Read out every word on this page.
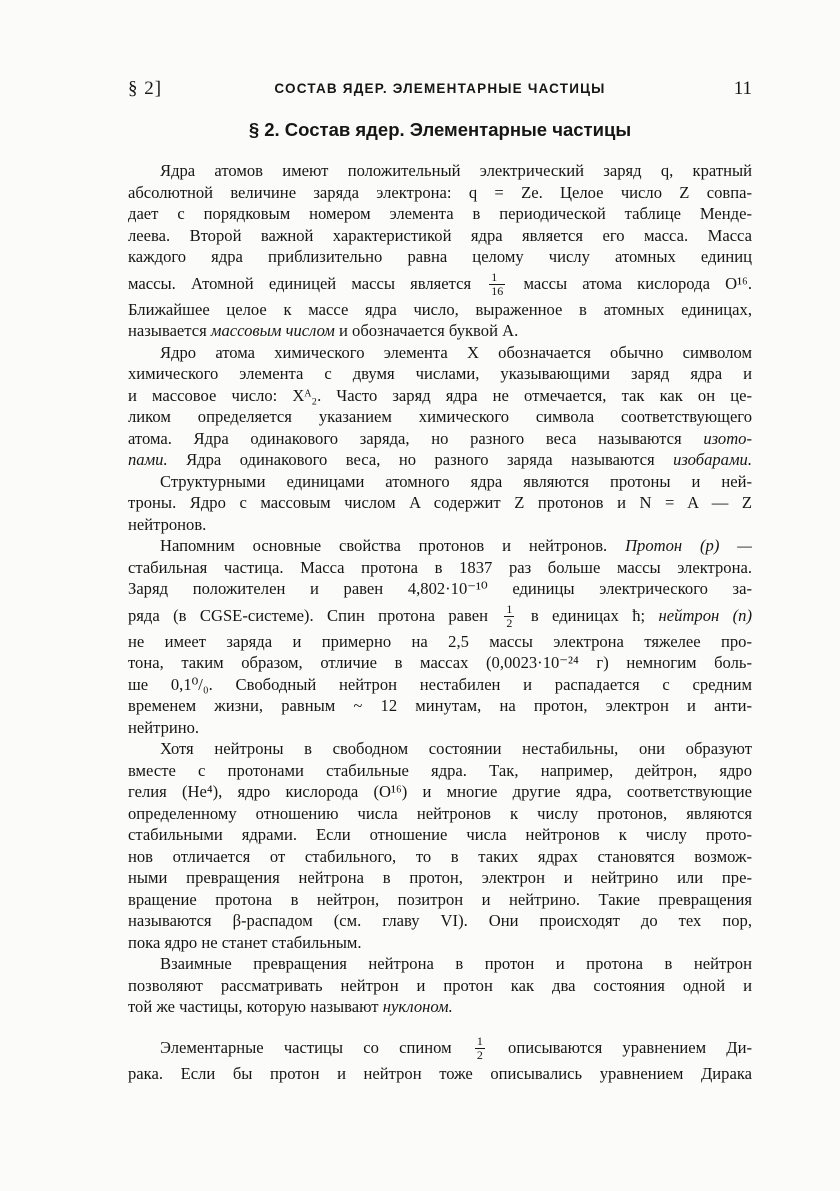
§ 2]	СОСТАВ ЯДЕР. ЭЛЕМЕНТАРНЫЕ ЧАСТИЦЫ	11
§ 2. Состав ядер. Элементарные частицы
Ядра атомов имеют положительный электрический заряд q, кратный
абсолютной величине заряда электрона: q = Ze. Целое число Z совпа-
дает с порядковым номером элемента в периодической таблице Менде-
леева. Второй важной характеристикой ядра является его масса. Масса
каждого ядра приблизительно равна целому числу атомных единиц
массы. Атомной единицей массы является $\frac{1}{16}$ массы атома кислорода O¹⁶.
Ближайшее целое к массе ядра число, выраженное в атомных единицах,
называется массовым числом и обозначается буквой A.
Ядро атома химического элемента X обозначается обычно символом
химического элемента с двумя числами, указывающими заряд ядра и
и массовое число: Xᴬ₂. Часто заряд ядра не отмечается, так как он це-
ликом определяется указанием химического символа соответствующего
атома. Ядра одинакового заряда, но разного веса называются изото-
пами. Ядра одинакового веса, но разного заряда называются изобарами.
Структурными единицами атомного ядра являются протоны и ней-
троны. Ядро с массовым числом A содержит Z протонов и N = A — Z
нейтронов.
Напомним основные свойства протонов и нейтронов. Протон (p) —
стабильная частица. Масса протона в 1837 раз больше массы электрона.
Заряд положителен и равен 4,802·10⁻¹⁰ единицы электрического за-
ряда (в CGSE-системе). Спин протона равен $\frac{1}{2}$ в единицах ħ; нейтрон (n)
не имеет заряда и примерно на 2,5 массы электрона тяжелее про-
тона, таким образом, отличие в массах (0,0023·10⁻²⁴ г) немногим боль-
ше 0,1⁰/₀. Свободный нейтрон нестабилен и распадается с средним
временем жизни, равным ~ 12 минутам, на протон, электрон и анти-
нейтрино.
Хотя нейтроны в свободном состоянии нестабильны, они образуют
вместе с протонами стабильные ядра. Так, например, дейтрон, ядро
гелия (He⁴), ядро кислорода (O¹⁶) и многие другие ядра, соответствующие
определенному отношению числа нейтронов к числу протонов, являются
стабильными ядрами. Если отношение числа нейтронов к числу прото-
нов отличается от стабильного, то в таких ядрах становятся возмож-
ными превращения нейтрона в протон, электрон и нейтрино или пре-
вращение протона в нейтрон, позитрон и нейтрино. Такие превращения
называются β-распадом (см. главу VI). Они происходят до тех пор,
пока ядро не станет стабильным.
Взаимные превращения нейтрона в протон и протона в нейтрон
позволяют рассматривать нейтрон и протон как два состояния одной и
той же частицы, которую называют нуклоном.
Элементарные частицы со спином $\frac{1}{2}$ описываются уравнением Ди-
рака. Если бы протон и нейтрон тоже описывались уравнением Дирака
